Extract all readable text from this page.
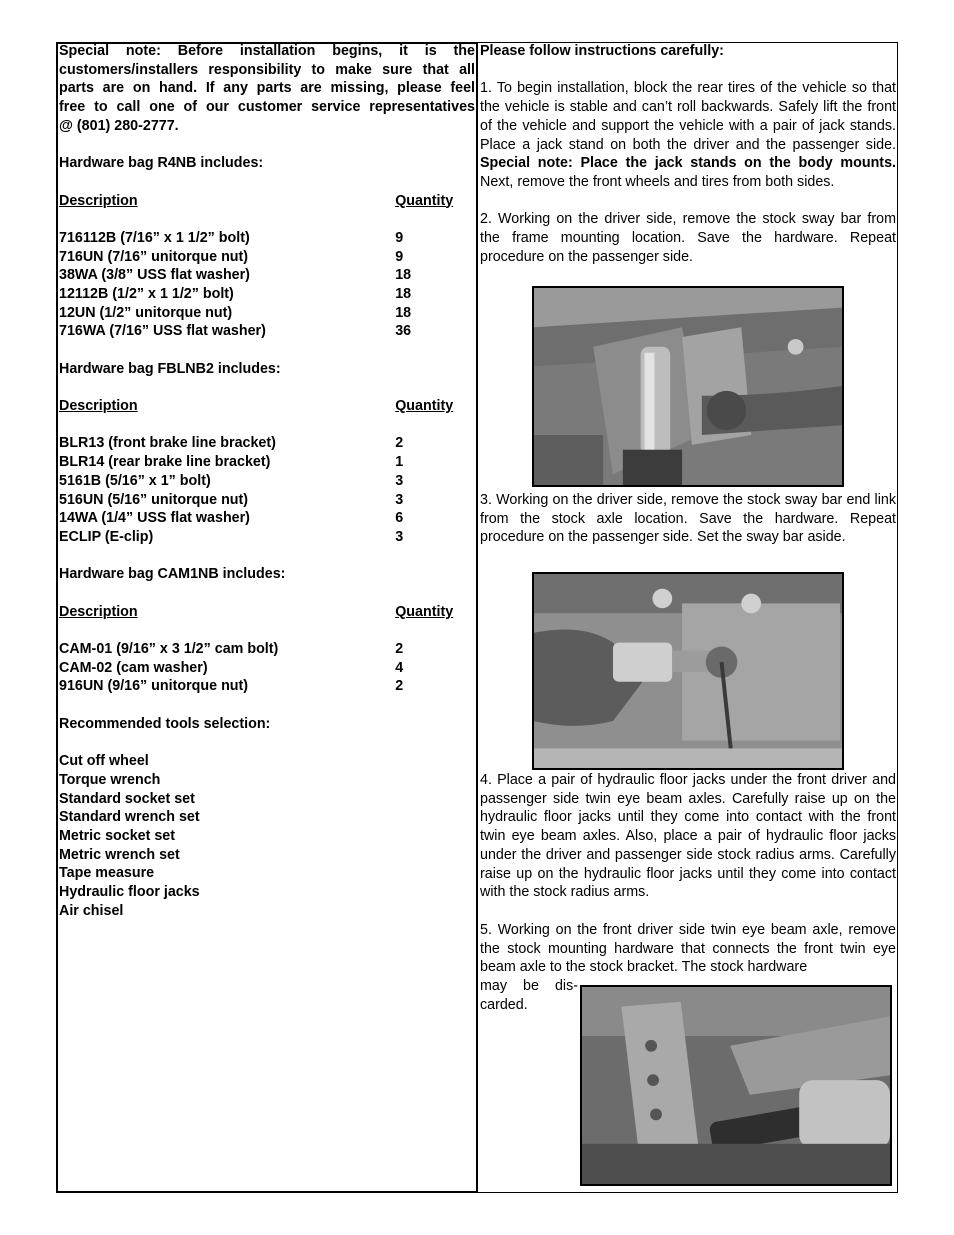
Special note: Before installation begins, it is the
customers/installers responsibility to make sure that all
parts are on hand. If any parts are missing, please feel
free to call one of our customer service representatives
@ (801) 280-2777.
Hardware bag R4NB includes:
Description	Quantity
716112B (7/16” x 1 1/2” bolt)	9
716UN (7/16” unitorque nut)	9
38WA (3/8” USS flat washer)	18
12112B (1/2” x 1 1/2” bolt)	18
12UN (1/2” unitorque nut)	18
716WA (7/16” USS flat washer)	36
Hardware bag FBLNB2 includes:
Description	Quantity
BLR13 (front brake line bracket)	2
BLR14 (rear brake line bracket)	1
5161B (5/16” x 1” bolt)	3
516UN (5/16” unitorque nut)	3
14WA (1/4” USS flat washer)	6
ECLIP (E-clip)	3
Hardware bag CAM1NB includes:
Description	Quantity
CAM-01 (9/16” x 3 1/2” cam bolt)	2
CAM-02 (cam washer)	4
916UN (9/16” unitorque nut)	2
Recommended tools selection:
Cut off wheel
Torque wrench
Standard socket set
Standard wrench set
Metric socket set
Metric wrench set
Tape measure
Hydraulic floor jacks
Air chisel

Please follow instructions carefully:

1. To begin installation, block the rear tires of the vehicle so that the vehicle is stable and can’t roll backwards. Safely lift the front of the vehicle and support the vehicle with a pair of jack stands. Place a jack stand on both the driver and the passenger side. Special note: Place the jack stands on the body mounts. Next, remove the front wheels and tires from both sides.

2. Working on the driver side, remove the stock sway bar from the frame mounting location. Save the hardware. Repeat procedure on the passenger side.

3. Working on the driver side, remove the stock sway bar end link from the stock axle location. Save the hardware. Repeat procedure on the passenger side. Set the sway bar aside.

4. Place a pair of hydraulic floor jacks under the front driver and passenger side twin eye beam axles. Carefully raise up on the hydraulic floor jacks until they come into contact with the front twin eye beam axles. Also, place a pair of hydraulic floor jacks under the driver and passenger side stock radius arms. Carefully raise up on the hydraulic floor jacks until they come into contact with the stock radius arms.

5. Working on the front driver side twin eye beam axle, remove the stock mounting hardware that connects the front twin eye beam axle to the stock bracket. The stock hardware

may be dis- carded.
